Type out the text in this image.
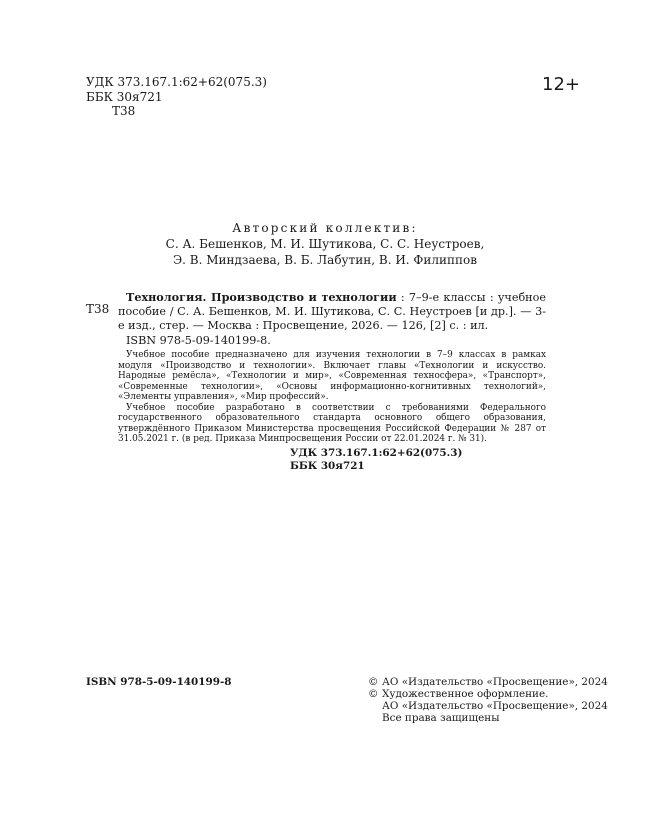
УДК 373.167.1:62+62(075.3)
ББК 30я721
Т38
12+
Авторский коллектив:
С. А. Бешенков, М. И. Шутикова, С. С. Неустроев,
Э. В. Миндзаева, В. Б. Лабутин, В. И. Филиппов
Т38

Технология. Производство и технологии : 7–9-е классы : учебное пособие / С. А. Бешенков, М. И. Шутикова, С. С. Неустроев [и др.]. — 3-е изд., стер. — Москва : Просвещение, 2026. — 126, [2] с. : ил.

ISBN 978-5-09-140199-8.

Учебное пособие предназначено для изучения технологии в 7–9 классах в рамках модуля «Производство и технологии». Включает главы «Технологии и искусство. Народные ремёсла», «Технологии и мир», «Современная техносфера», «Транспорт», «Современные технологии», «Основы информационно-когнитивных технологий», «Элементы управления», «Мир профессий».

Учебное пособие разработано в соответствии с требованиями Федерального государственного образовательного стандарта основного общего образования, утверждённого Приказом Министерства просвещения Российской Федерации № 287 от 31.05.2021 г. (в ред. Приказа Минпросвещения России от 22.01.2024 г. № 31).

УДК 373.167.1:62+62(075.3)
ББК 30я721
ISBN 978-5-09-140199-8	© АО «Издательство «Просвещение», 2024
© Художественное оформление.
АО «Издательство «Просвещение», 2024
Все права защищены
